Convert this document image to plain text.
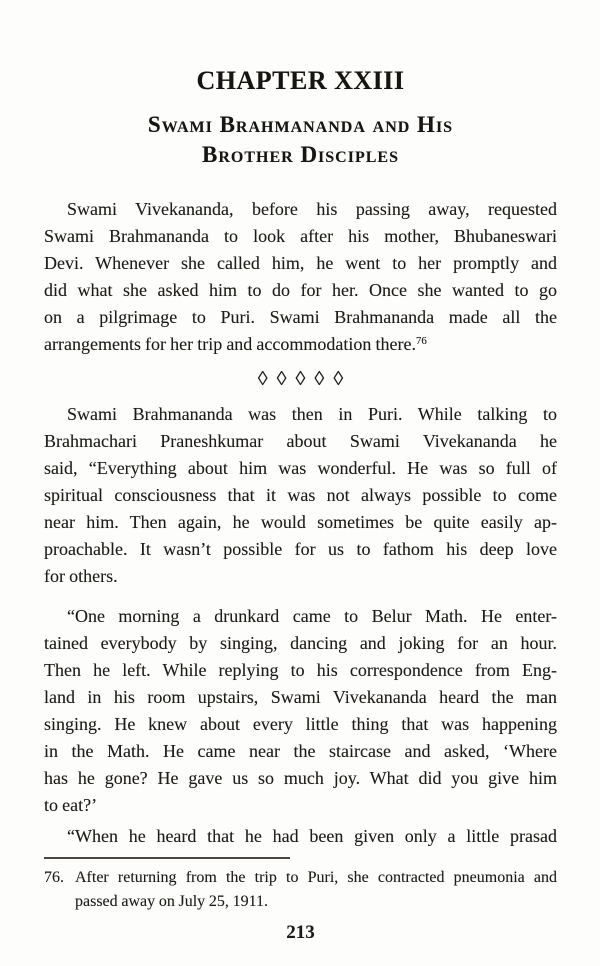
CHAPTER XXIII
Swami Brahmananda and His
Brother Disciples
Swami Vivekananda, before his passing away, requested
Swami Brahmananda to look after his mother, Bhubaneswari
Devi. Whenever she called him, he went to her promptly and
did what she asked him to do for her. Once she wanted to go
on a pilgrimage to Puri. Swami Brahmananda made all the
arrangements for her trip and accommodation there.$^{76}$
◊◊◊◊◊
Swami Brahmananda was then in Puri. While talking to
Brahmachari Praneshkumar about Swami Vivekananda he
said, “Everything about him was wonderful. He was so full of
spiritual consciousness that it was not always possible to come
near him. Then again, he would sometimes be quite easily ap-
proachable. It wasn’t possible for us to fathom his deep love
for others.
“One morning a drunkard came to Belur Math. He enter-
tained everybody by singing, dancing and joking for an hour.
Then he left. While replying to his correspondence from Eng-
land in his room upstairs, Swami Vivekananda heard the man
singing. He knew about every little thing that was happening
in the Math. He came near the staircase and asked, ‘Where
has he gone? He gave us so much joy. What did you give him
to eat?’
“When he heard that he had been given only a little prasad
76. After returning from the trip to Puri, she contracted pneumonia and
passed away on July 25, 1911.
213
